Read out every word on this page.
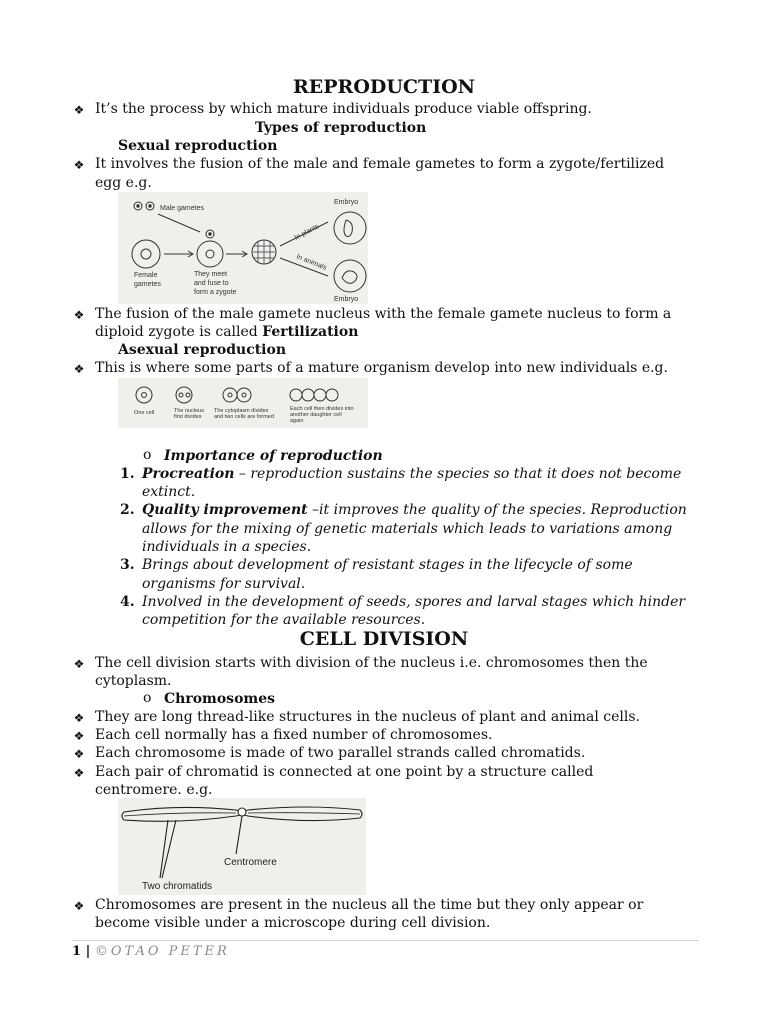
REPRODUCTION
❖ It’s the process by which mature individuals produce viable offspring.
Types of reproduction
Sexual reproduction
❖ It involves the fusion of the male and female gametes to form a zygote/fertilized
egg e.g.
Male gametes
Female
gametes
They meet
and fuse to
form a zygote
In plants
In animals
Embryo
Embryo
❖ The fusion of the male gamete nucleus with the female gamete nucleus to form a
diploid zygote is called Fertilization
Asexual reproduction
❖ This is where some parts of a mature organism develop into new individuals e.g.
One cell	The nucleus
first divides
The cytoplasm divides
and two cells are formed
Each cell then divides into
another daughter cell
again
o Importance of reproduction
1. Procreation – reproduction sustains the species so that it does not become
extinct.
2. Quality improvement –it improves the quality of the species. Reproduction
allows for the mixing of genetic materials which leads to variations among
individuals in a species.
3. Brings about development of resistant stages in the lifecycle of some
organisms for survival.
4. Involved in the development of seeds, spores and larval stages which hinder
competition for the available resources.
CELL DIVISION
❖ The cell division starts with division of the nucleus i.e. chromosomes then the
cytoplasm.
o Chromosomes
❖ They are long thread-like structures in the nucleus of plant and animal cells.
❖ Each cell normally has a fixed number of chromosomes.
❖ Each chromosome is made of two parallel strands called chromatids.
❖ Each pair of chromatid is connected at one point by a structure called
centromere. e.g.
Centromere
Two chromatids
❖ Chromosomes are present in the nucleus all the time but they only appear or
become visible under a microscope during cell division.
1 | ©OTAO PETER
